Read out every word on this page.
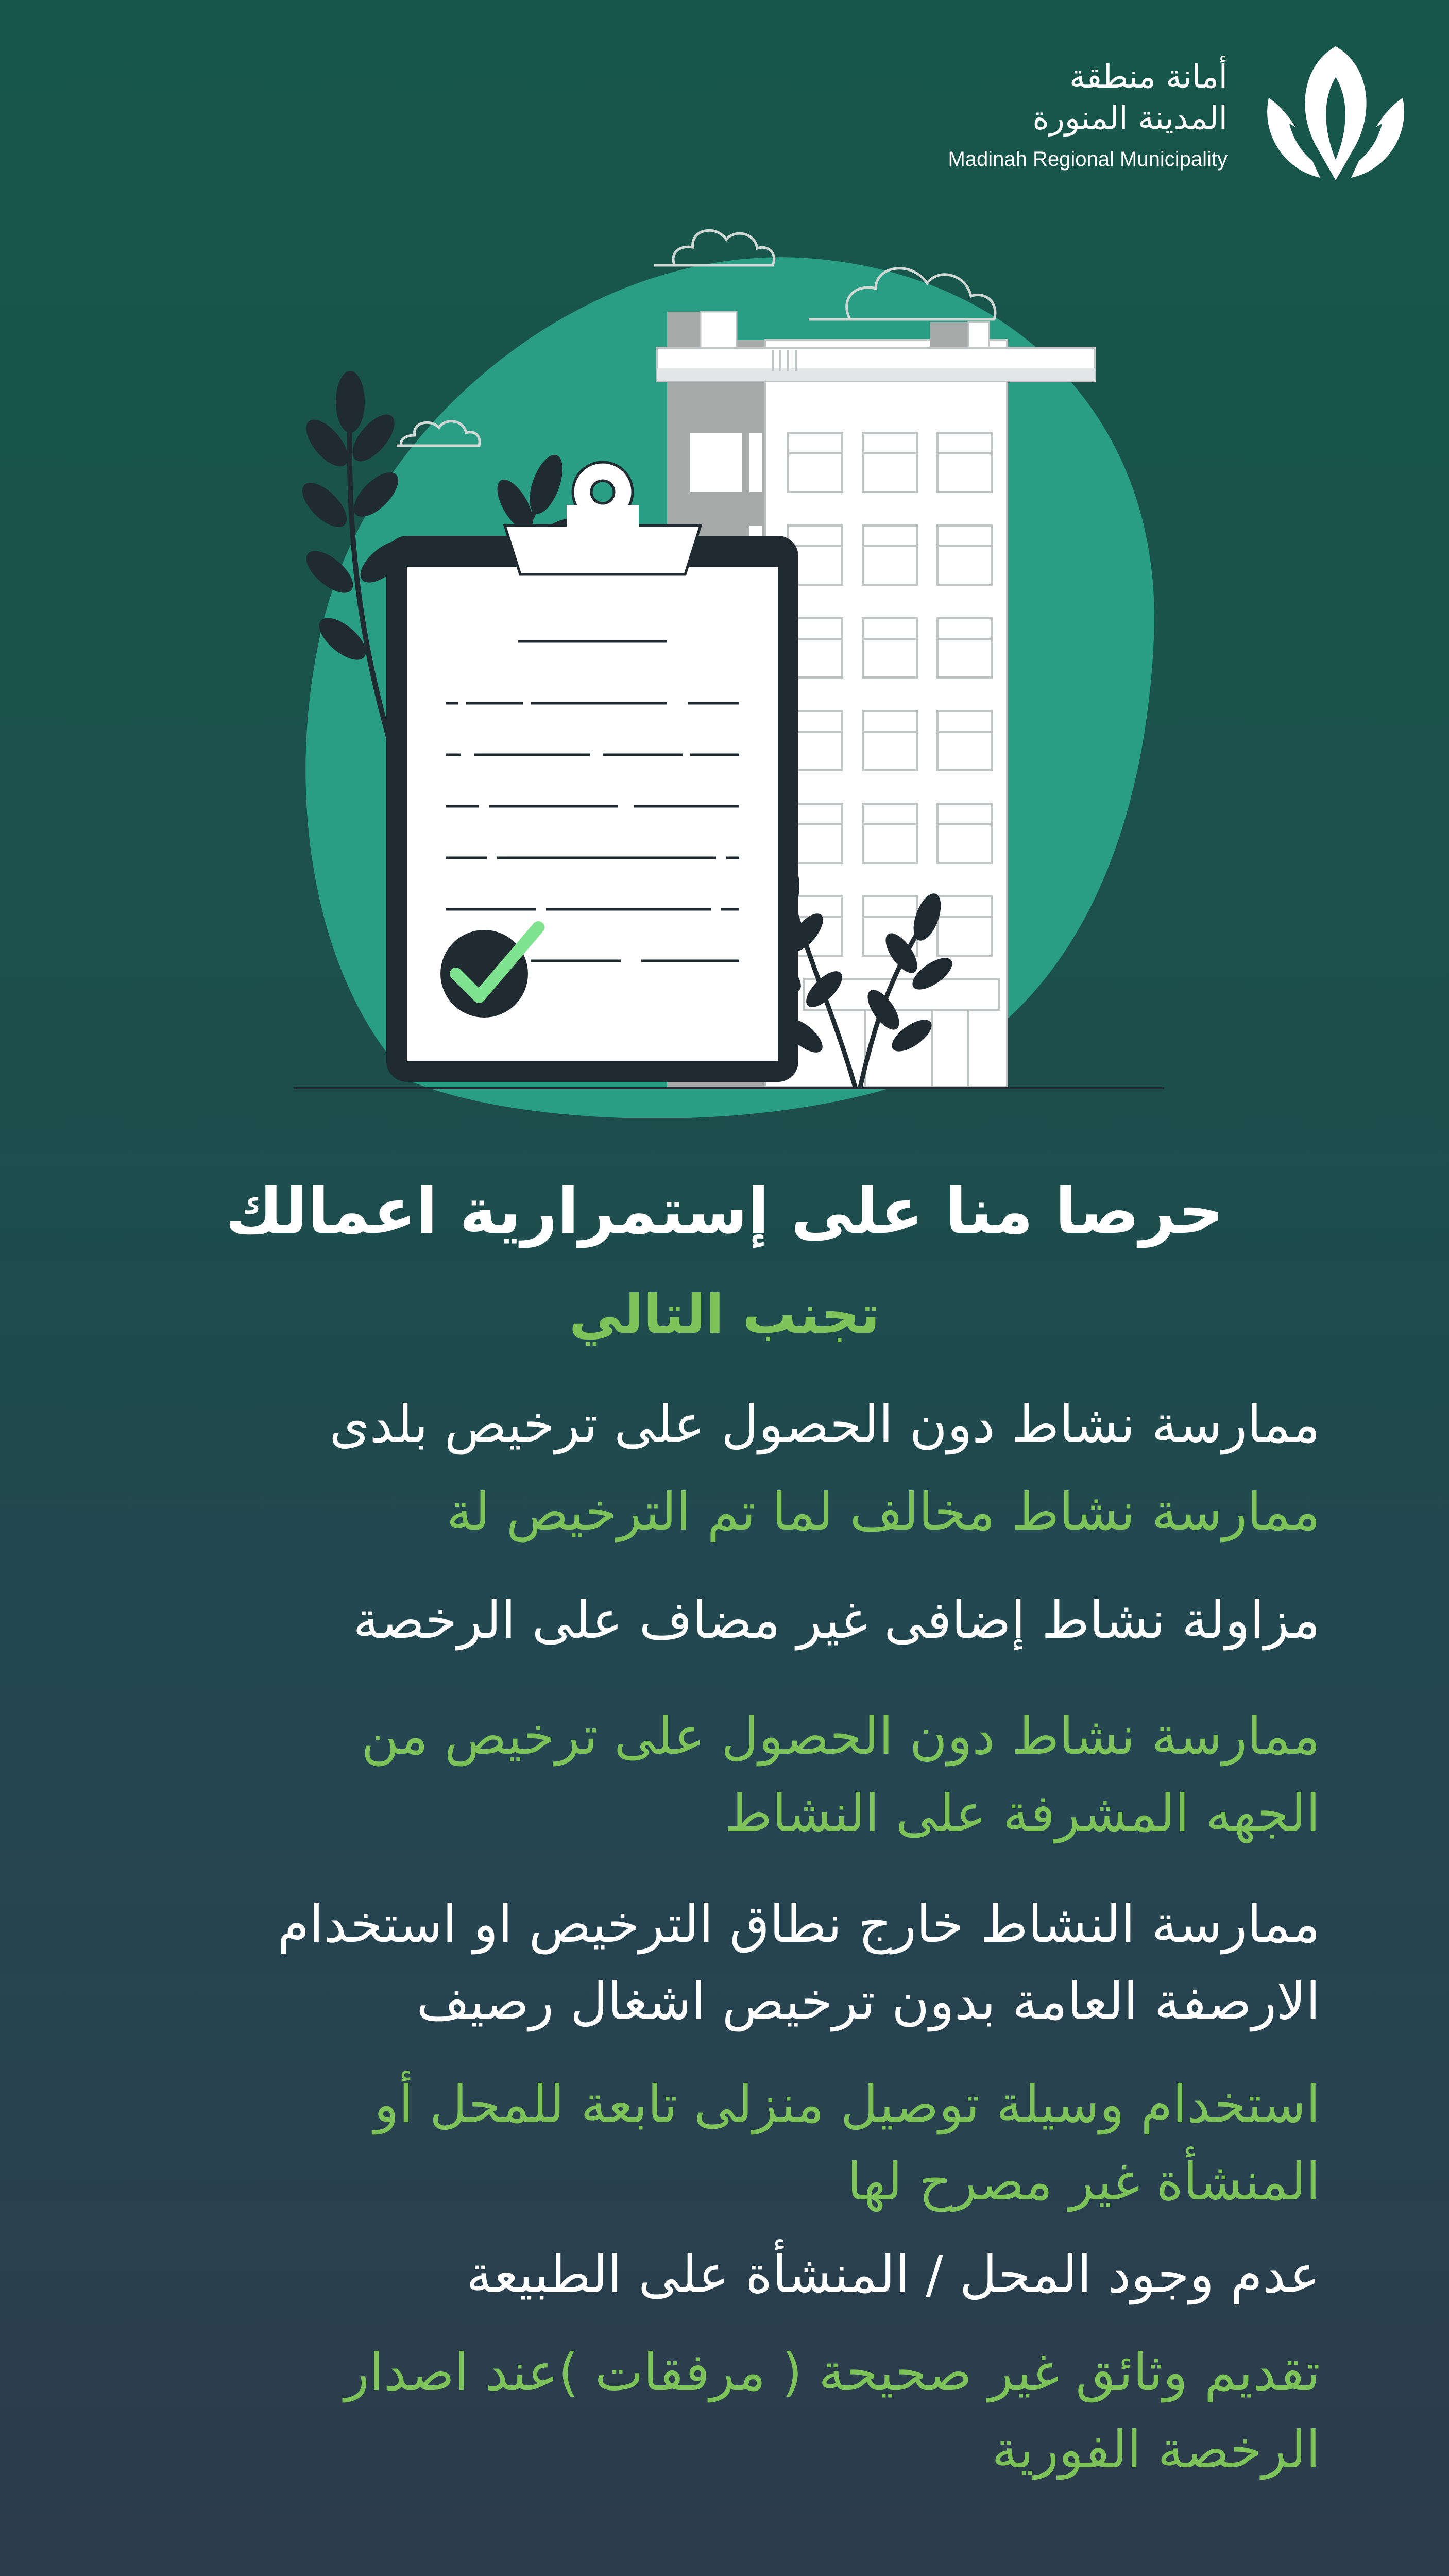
أمانة منطقة
المدينة المنورة
Madinah Regional Municipality
حرصا منا على إستمرارية اعمالك
تجنب التالي
ممارسة نشاط دون الحصول على ترخيص بلدى
ممارسة نشاط مخالف لما تم الترخيص لة
مزاولة نشاط إضافى غير مضاف على الرخصة
ممارسة نشاط دون الحصول على ترخيص من
الجهه المشرفة على النشاط
ممارسة النشاط خارج نطاق الترخيص او استخدام
الارصفة العامة بدون ترخيص اشغال رصيف
استخدام وسيلة توصيل منزلى تابعة للمحل أو
المنشأة غير مصرح لها
عدم وجود المحل / المنشأة على الطبيعة
تقديم وثائق غير صحيحة ( مرفقات )عند اصدار
الرخصة الفورية
